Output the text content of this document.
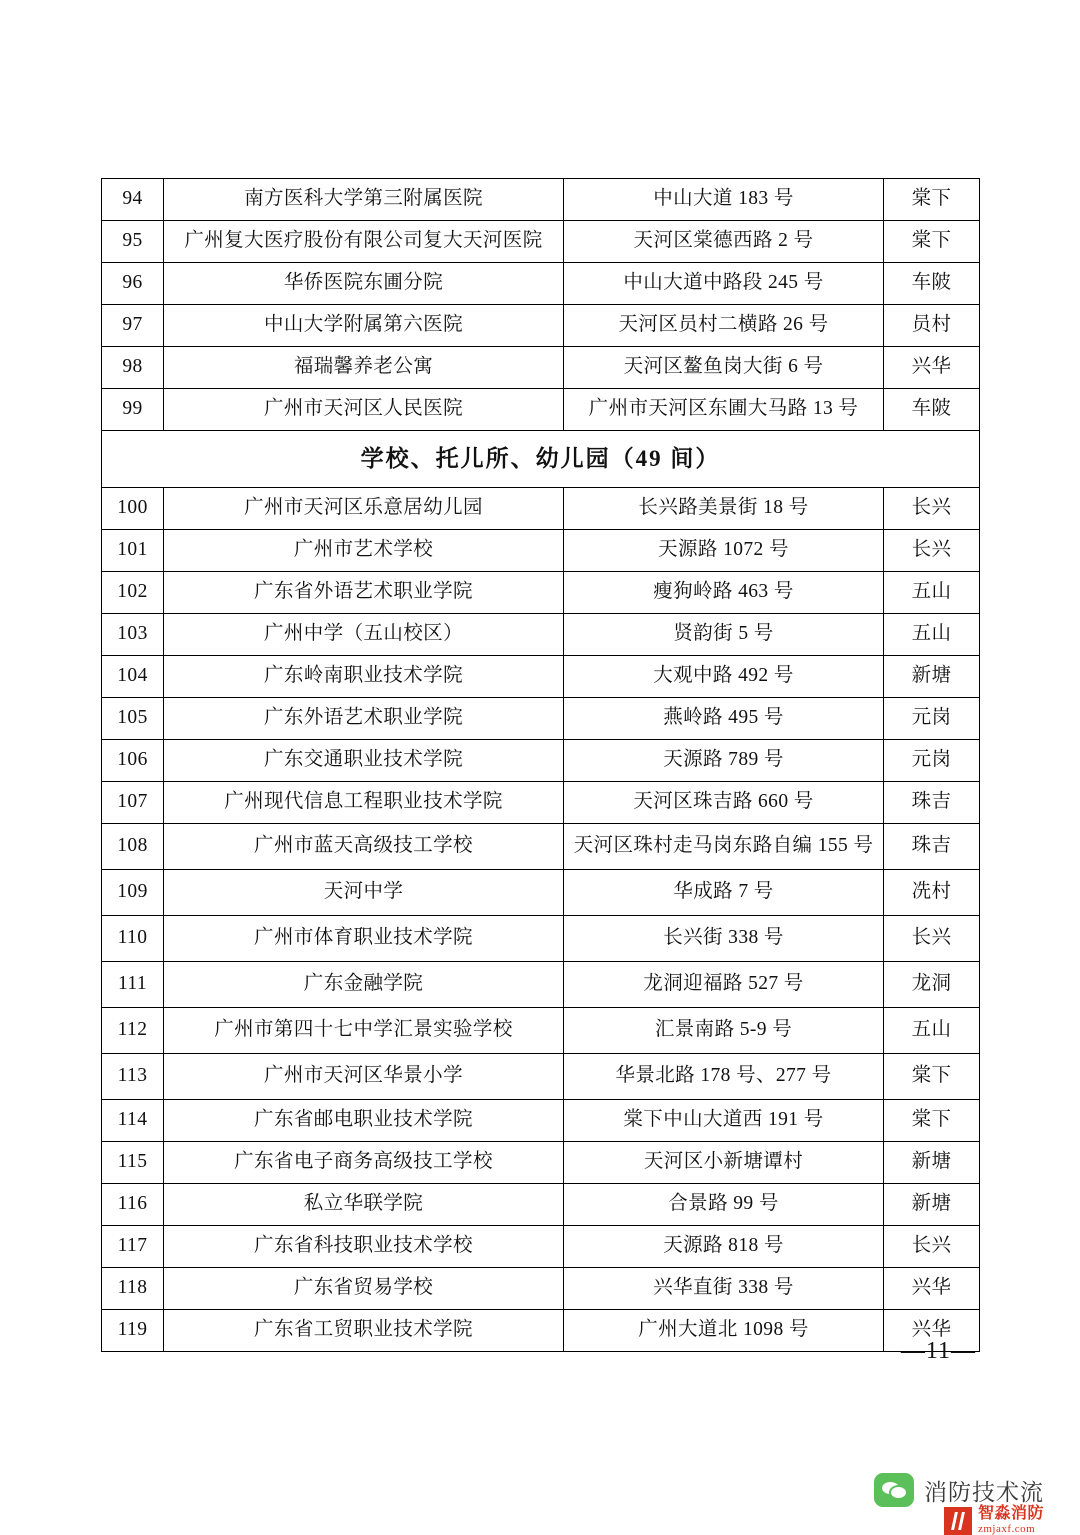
94	南方医科大学第三附属医院	中山大道 183 号	棠下
95	广州复大医疗股份有限公司复大天河医院	天河区棠德西路 2 号	棠下
96	华侨医院东圃分院	中山大道中路段 245 号	车陂
97	中山大学附属第六医院	天河区员村二横路 26 号	员村
98	福瑞馨养老公寓	天河区鳌鱼岗大街 6 号	兴华
99	广州市天河区人民医院	广州市天河区东圃大马路 13 号	车陂
学校、托儿所、幼儿园（49 间）			
100	广州市天河区乐意居幼儿园	长兴路美景街 18 号	长兴
101	广州市艺术学校	天源路 1072 号	长兴
102	广东省外语艺术职业学院	瘦狗岭路 463 号	五山
103	广州中学（五山校区）	贤韵街 5 号	五山
104	广东岭南职业技术学院	大观中路 492 号	新塘
105	广东外语艺术职业学院	燕岭路 495 号	元岗
106	广东交通职业技术学院	天源路 789 号	元岗
107	广州现代信息工程职业技术学院	天河区珠吉路 660 号	珠吉
108	广州市蓝天高级技工学校	天河区珠村走马岗东路自编 155 号	珠吉
109	天河中学	华成路 7 号	冼村
110	广州市体育职业技术学院	长兴街 338 号	长兴
111	广东金融学院	龙洞迎福路 527 号	龙洞
112	广州市第四十七中学汇景实验学校	汇景南路 5-9 号	五山
113	广州市天河区华景小学	华景北路 178 号、277 号	棠下
114	广东省邮电职业技术学院	棠下中山大道西 191 号	棠下
115	广东省电子商务高级技工学校	天河区小新塘谭村	新塘
116	私立华联学院	合景路 99 号	新塘
117	广东省科技职业技术学校	天源路 818 号	长兴
118	广东省贸易学校	兴华直街 338 号	兴华
119	广东省工贸职业技术学院	广州大道北 1098 号	兴华
—11—
消防技术流
智淼消防
zmjaxf.com
